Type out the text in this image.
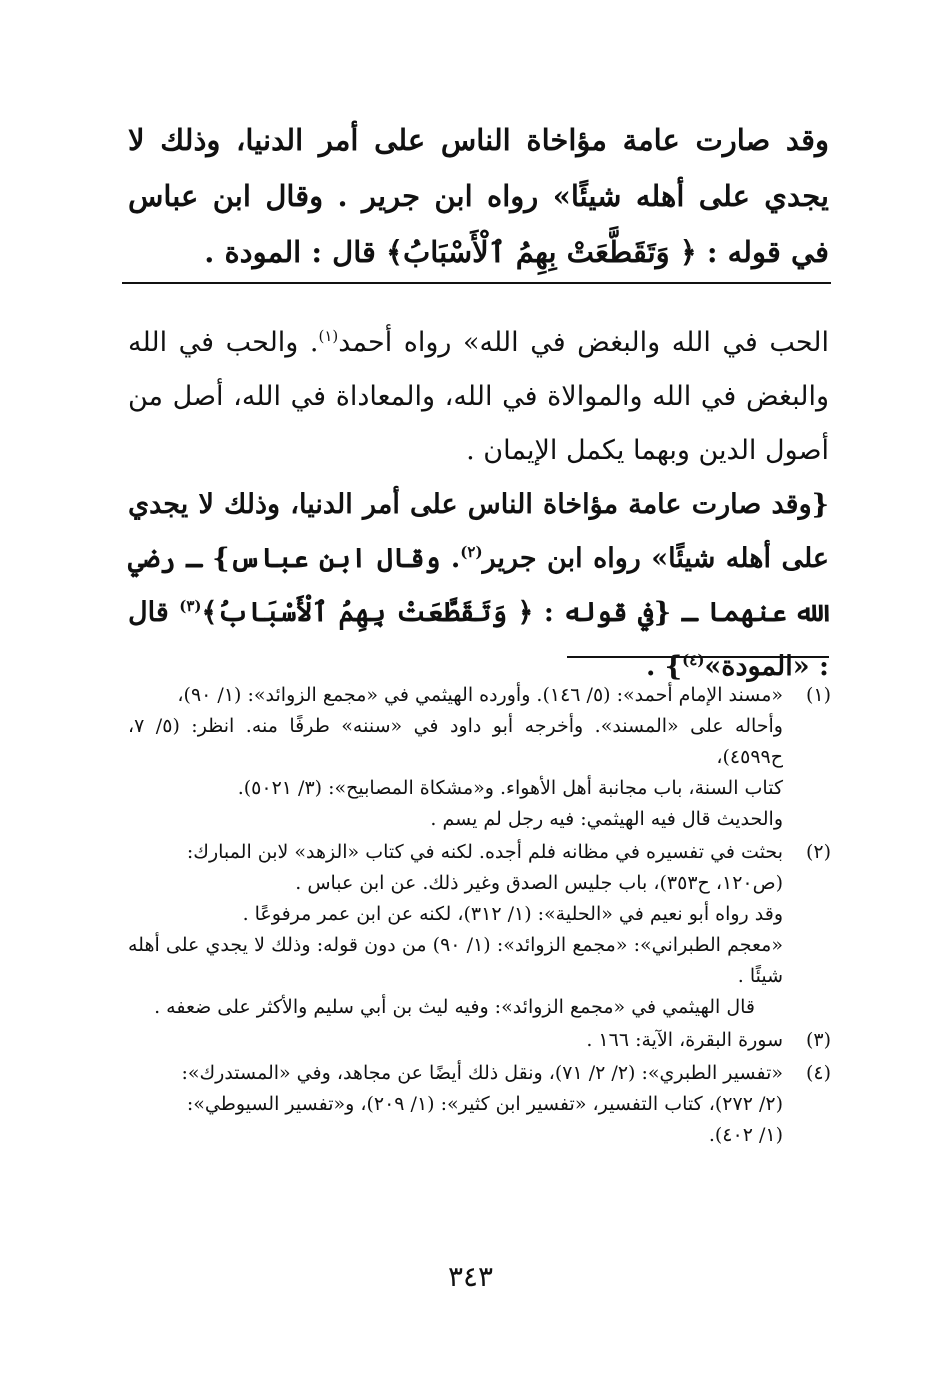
وقد صارت عامة مؤاخاة الناس على أمر الدنيا، وذلك لا يجدي على أهله شيئًا» رواه ابن جرير . وقال ابن عباس في قوله : ﴿ وَتَقَطَّعَتْ بِهِمُ ٱلْأَسْبَابُ﴾ قال : المودة .

الحب في الله والبغض في الله» رواه أحمد$^{(١)}$. والحب في الله والبغض في الله والموالاة في الله، والمعاداة في الله، أصل من أصول الدين وبهما يكمل الإيمان .

{وقد صارت عامة مؤاخاة الناس على أمر الدنيا، وذلك لا يجدي على أهله شيئًا» رواه ابن جرير$^{(٢)}$. وقال ابن عباس} ـ رضي الله عنهما ـ {في قوله : ﴿ وَتَقَطَّعَتْ بِهِمُ ٱلْأَسْبَابُ﴾$^{(٣)}$ قال : «المودة»$^{(٤)}$} .

(١)
«مسند الإمام أحمد»: (٥/ ١٤٦). وأورده الهيثمي في «مجمع الزوائد»: (١/ ٩٠)،
وأحاله على «المسند». وأخرجه أبو داود في «سننه» طرفًا منه. انظر: (٥/ ٧، ح٤٥٩٩)،
كتاب السنة، باب مجانبة أهل الأهواء. و«مشكاة المصابيح»: (٣/ ٥٠٢١).
والحديث قال فيه الهيثمي: فيه رجل لم يسم .
(٢)
بحثت في تفسيره في مظانه فلم أجده. لكنه في كتاب «الزهد» لابن المبارك:
(ص١٢٠، ح٣٥٣)، باب جليس الصدق وغير ذلك. عن ابن عباس .
وقد رواه أبو نعيم في «الحلية»: (١/ ٣١٢)، لكنه عن ابن عمر مرفوعًا .
«معجم الطبراني»: «مجمع الزوائد»: (١/ ٩٠) من دون قوله: وذلك لا يجدي على أهله شيئًا .
قال الهيثمي في «مجمع الزوائد»: وفيه ليث بن أبي سليم والأكثر على ضعفه .
(٣)
سورة البقرة، الآية: ١٦٦ .
(٤)
«تفسير الطبري»: (٢/ ٢/ ٧١)، ونقل ذلك أيضًا عن مجاهد، وفي «المستدرك»:
(٢/ ٢٧٢)، كتاب التفسير، «تفسير ابن كثير»: (١/ ٢٠٩)، و«تفسير السيوطي»:
(١/ ٤٠٢).
٣٤٣
